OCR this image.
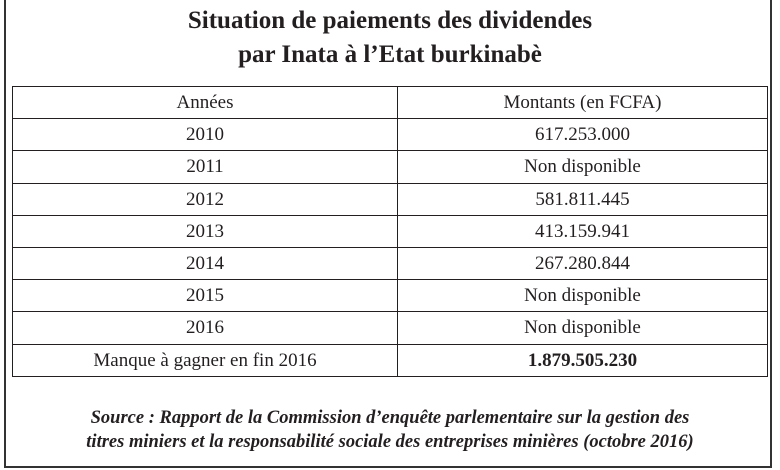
Situation de paiements des dividendes
par Inata à l’Etat burkinabè
Années	Montants (en FCFA)
2010	617.253.000
2011	Non disponible
2012	581.811.445
2013	413.159.941
2014	267.280.844
2015	Non disponible
2016	Non disponible
Manque à gagner en fin 2016	1.879.505.230
Source : Rapport de la Commission d’enquête parlementaire sur la gestion des
titres miniers et la responsabilité sociale des entreprises minières (octobre 2016)
